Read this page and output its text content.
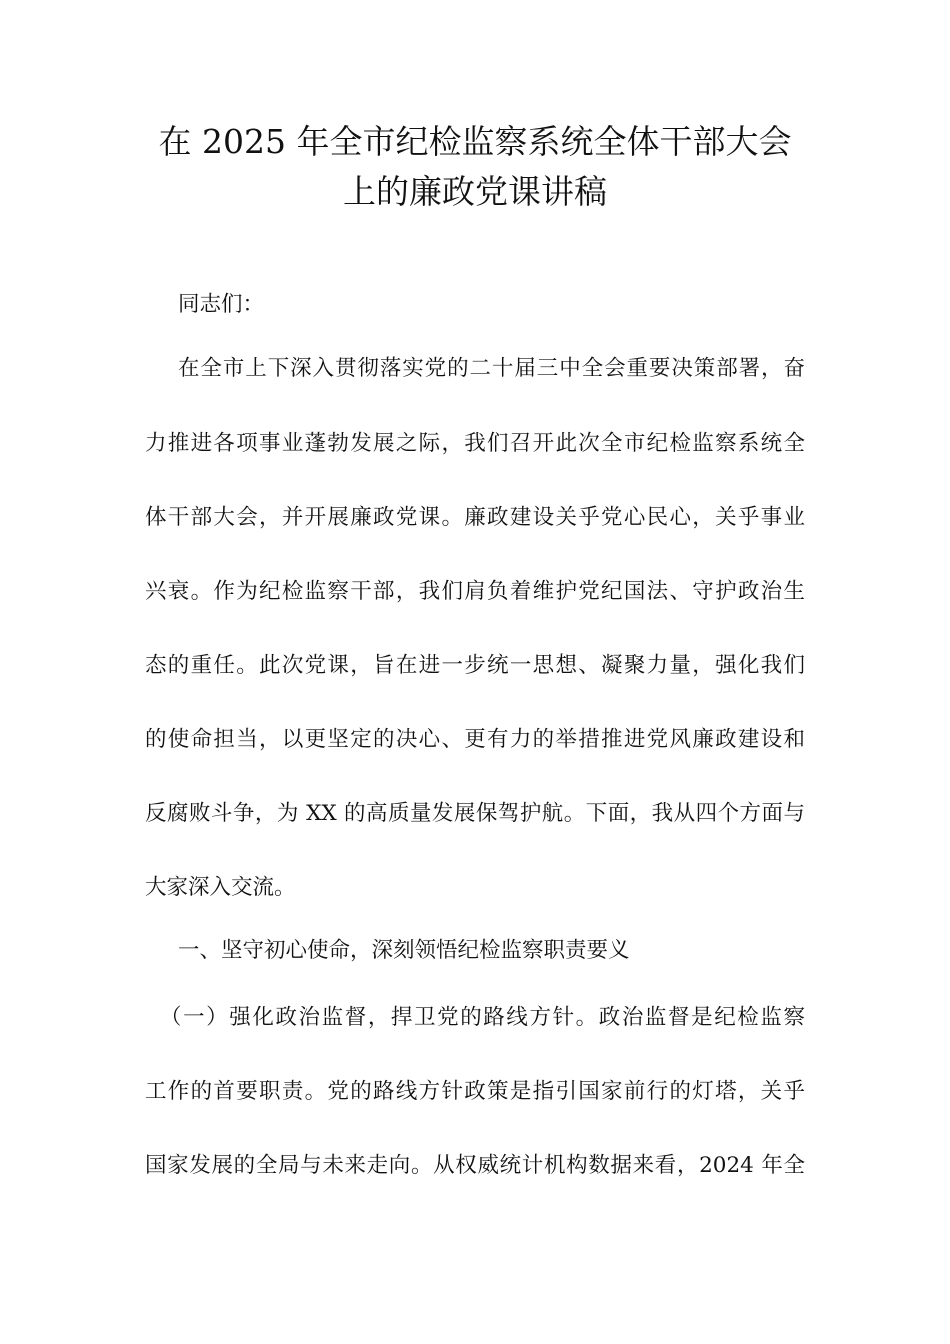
在 2025 年全市纪检监察系统全体干部大会
上的廉政党课讲稿
同志们：
在全市上下深入贯彻落实党的二十届三中全会重要决策部署，奋
力推进各项事业蓬勃发展之际，我们召开此次全市纪检监察系统全
体干部大会，并开展廉政党课。廉政建设关乎党心民心，关乎事业
兴衰。作为纪检监察干部，我们肩负着维护党纪国法、守护政治生
态的重任。此次党课，旨在进一步统一思想、凝聚力量，强化我们
的使命担当，以更坚定的决心、更有力的举措推进党风廉政建设和
反腐败斗争，为 XX 的高质量发展保驾护航。下面，我从四个方面与
大家深入交流。
一、坚守初心使命，深刻领悟纪检监察职责要义
（一）强化政治监督，捍卫党的路线方针。政治监督是纪检监察
工作的首要职责。党的路线方针政策是指引国家前行的灯塔，关乎
国家发展的全局与未来走向。从权威统计机构数据来看，2024 年全
